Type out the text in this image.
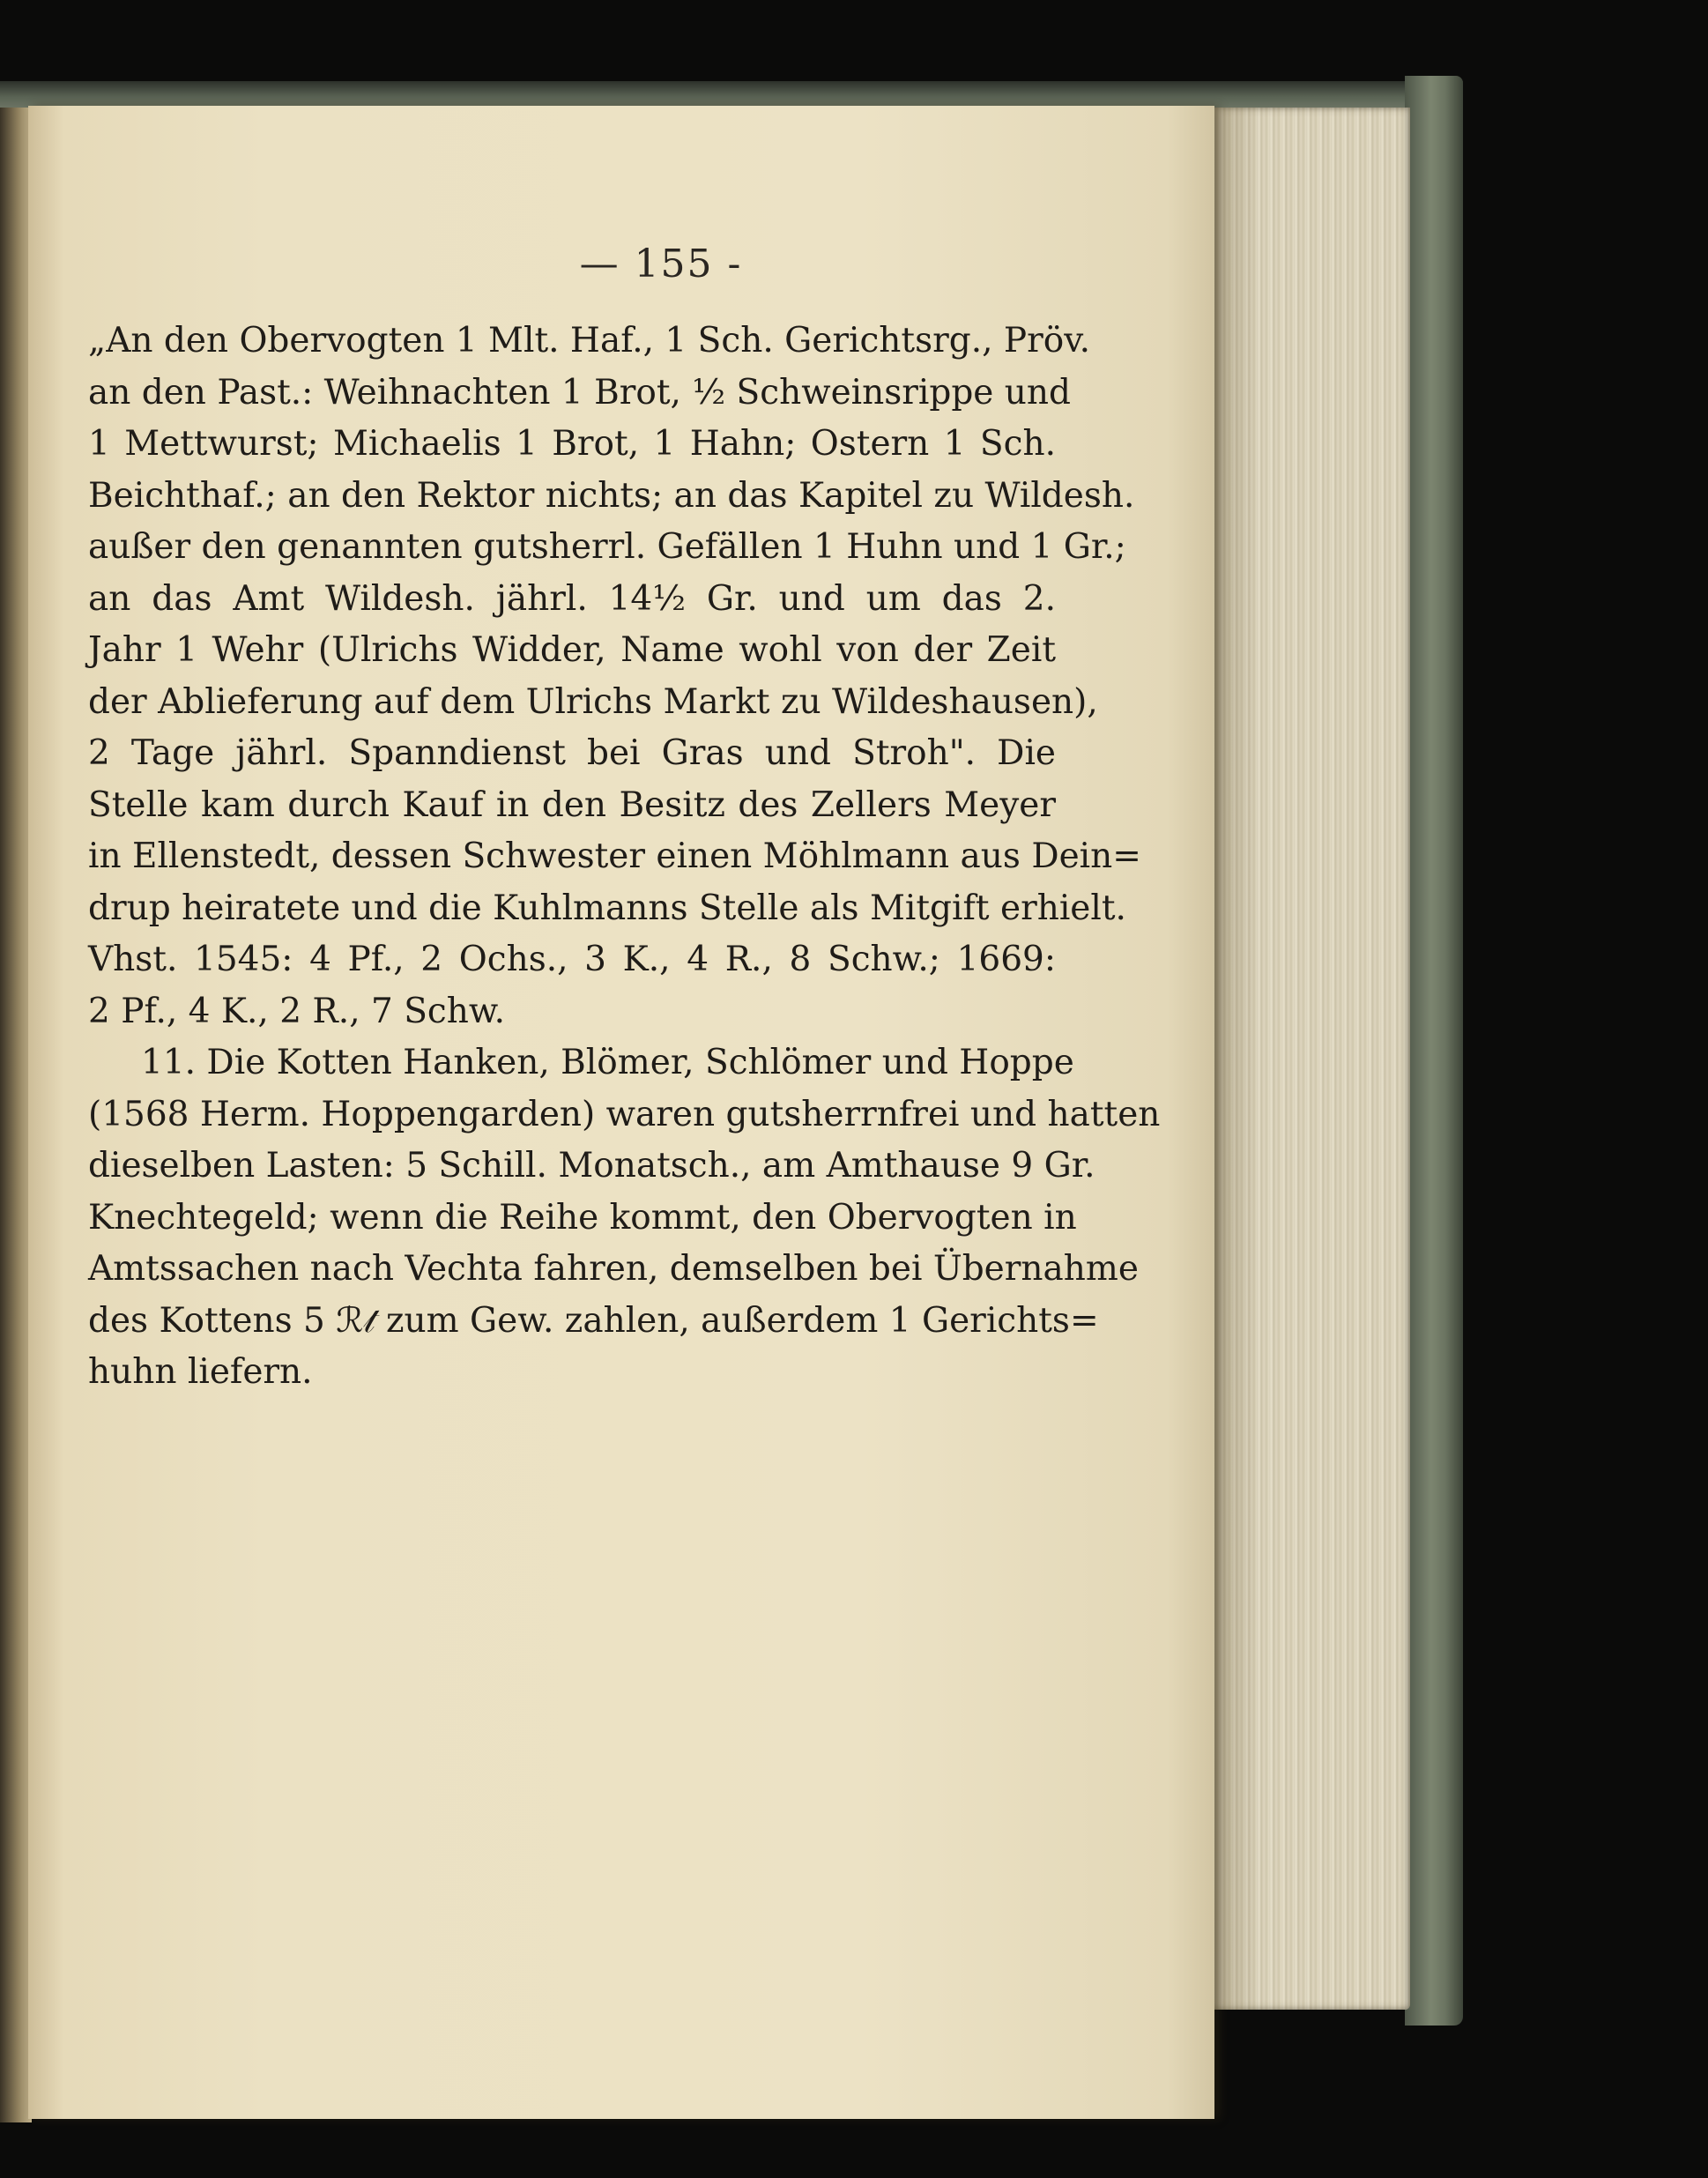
— 155 -
„An den Obervogten 1 Mlt. Haf., 1 Sch. Gerichtsrg., Pröv.
an den Past.: Weihnachten 1 Brot, ½ Schweinsrippe und
1 Mettwurst; Michaelis 1 Brot, 1 Hahn; Ostern 1 Sch.
Beichthaf.; an den Rektor nichts; an das Kapitel zu Wildesh.
außer den genannten gutsherrl. Gefällen 1 Huhn und 1 Gr.;
an das Amt Wildesh. jährl. 14½ Gr. und um das 2.
Jahr 1 Wehr (Ulrichs Widder, Name wohl von der Zeit
der Ablieferung auf dem Ulrichs Markt zu Wildeshausen),
2 Tage jährl. Spanndienst bei Gras und Stroh". Die
Stelle kam durch Kauf in den Besitz des Zellers Meyer
in Ellenstedt, dessen Schwester einen Möhlmann aus Dein=
drup heiratete und die Kuhlmanns Stelle als Mitgift erhielt.
Vhst. 1545: 4 Pf., 2 Ochs., 3 K., 4 R., 8 Schw.; 1669:
2 Pf., 4 K., 2 R., 7 Schw.
11. Die Kotten Hanken, Blömer, Schlömer und Hoppe
(1568 Herm. Hoppengarden) waren gutsherrnfrei und hatten
dieselben Lasten: 5 Schill. Monatsch., am Amthause 9 Gr.
Knechtegeld; wenn die Reihe kommt, den Obervogten in
Amtssachen nach Vechta fahren, demselben bei Übernahme
des Kottens 5 ℛ𝓉 zum Gew. zahlen, außerdem 1 Gerichts=
huhn liefern.
